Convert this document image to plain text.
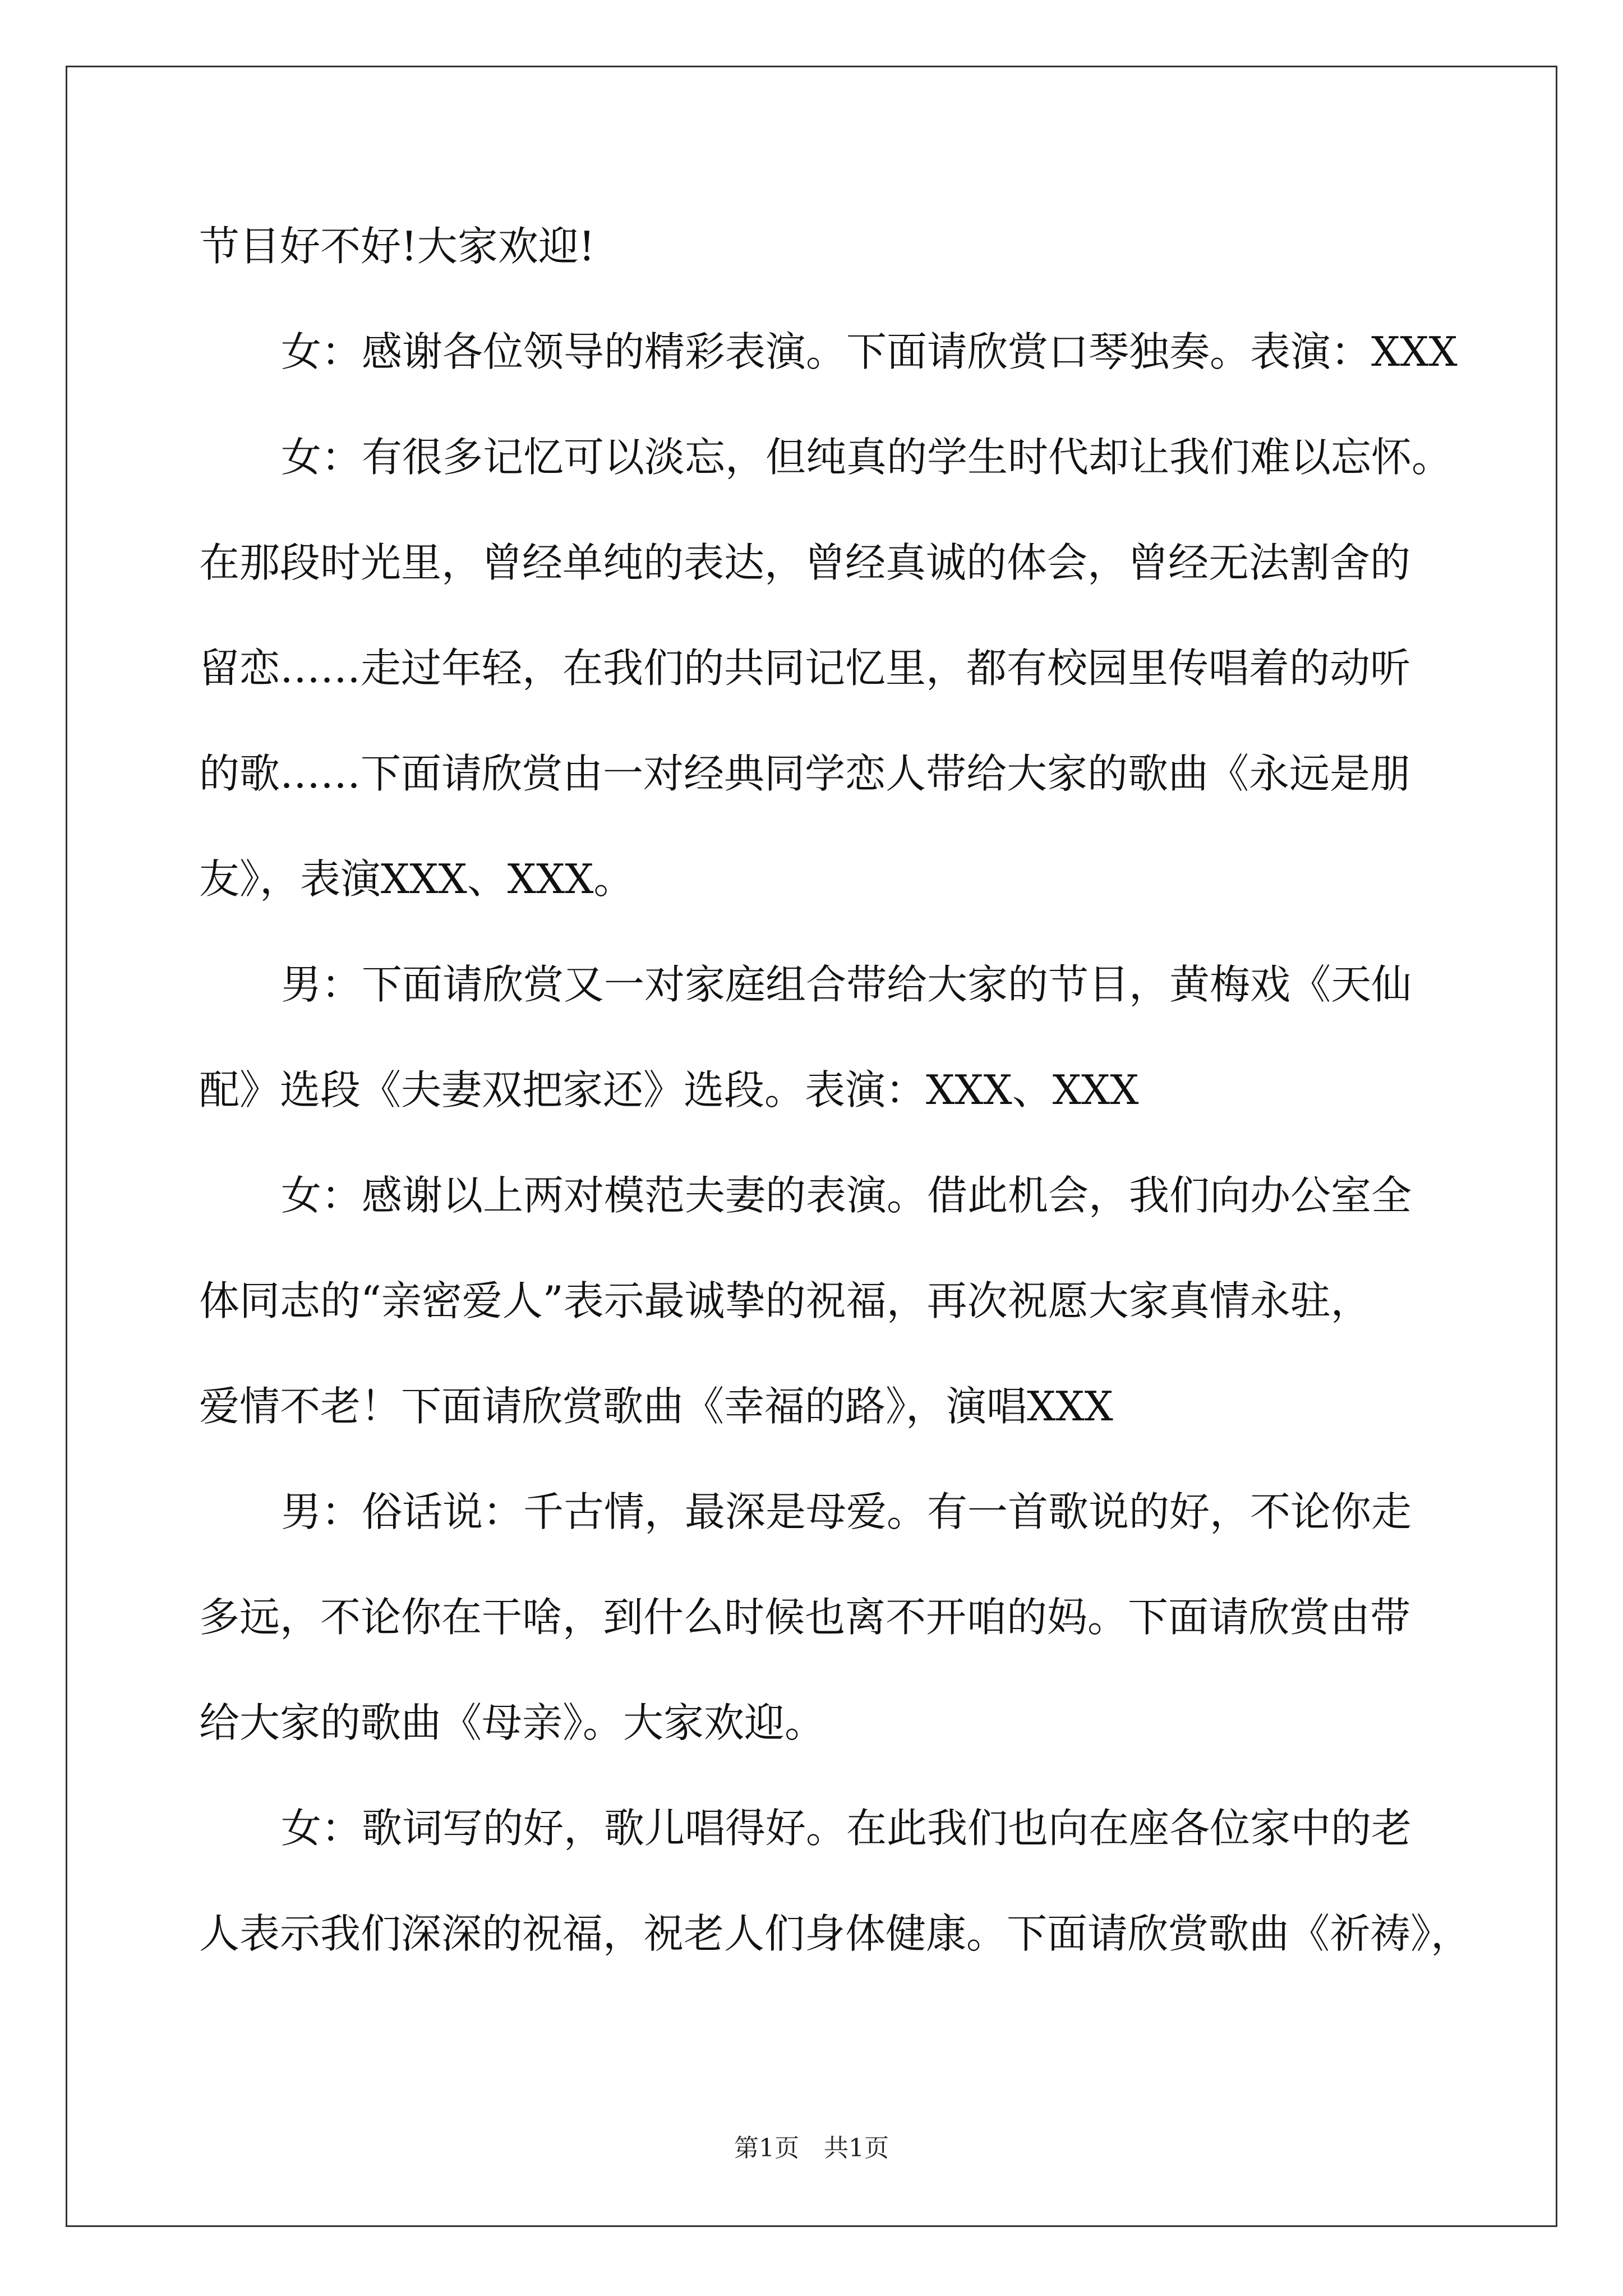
节目好不好!大家欢迎!
女：感谢各位领导的精彩表演。下面请欣赏口琴独奏。表演：XXX
女：有很多记忆可以淡忘，但纯真的学生时代却让我们难以忘怀。
在那段时光里，曾经单纯的表达，曾经真诚的体会，曾经无法割舍的
留恋……走过年轻，在我们的共同记忆里，都有校园里传唱着的动听
的歌……下面请欣赏由一对经典同学恋人带给大家的歌曲《永远是朋
友》，表演XXX、XXX。
男：下面请欣赏又一对家庭组合带给大家的节目，黄梅戏《天仙
配》选段《夫妻双把家还》选段。表演：XXX、XXX
女：感谢以上两对模范夫妻的表演。借此机会，我们向办公室全
体同志的“亲密爱人”表示最诚挚的祝福，再次祝愿大家真情永驻，
爱情不老！下面请欣赏歌曲《幸福的路》，演唱XXX
男：俗话说：千古情，最深是母爱。有一首歌说的好，不论你走
多远，不论你在干啥，到什么时候也离不开咱的妈。下面请欣赏由带
给大家的歌曲《母亲》。大家欢迎。
女：歌词写的好，歌儿唱得好。在此我们也向在座各位家中的老
人表示我们深深的祝福，祝老人们身体健康。下面请欣赏歌曲《祈祷》，
第1页　共1页
